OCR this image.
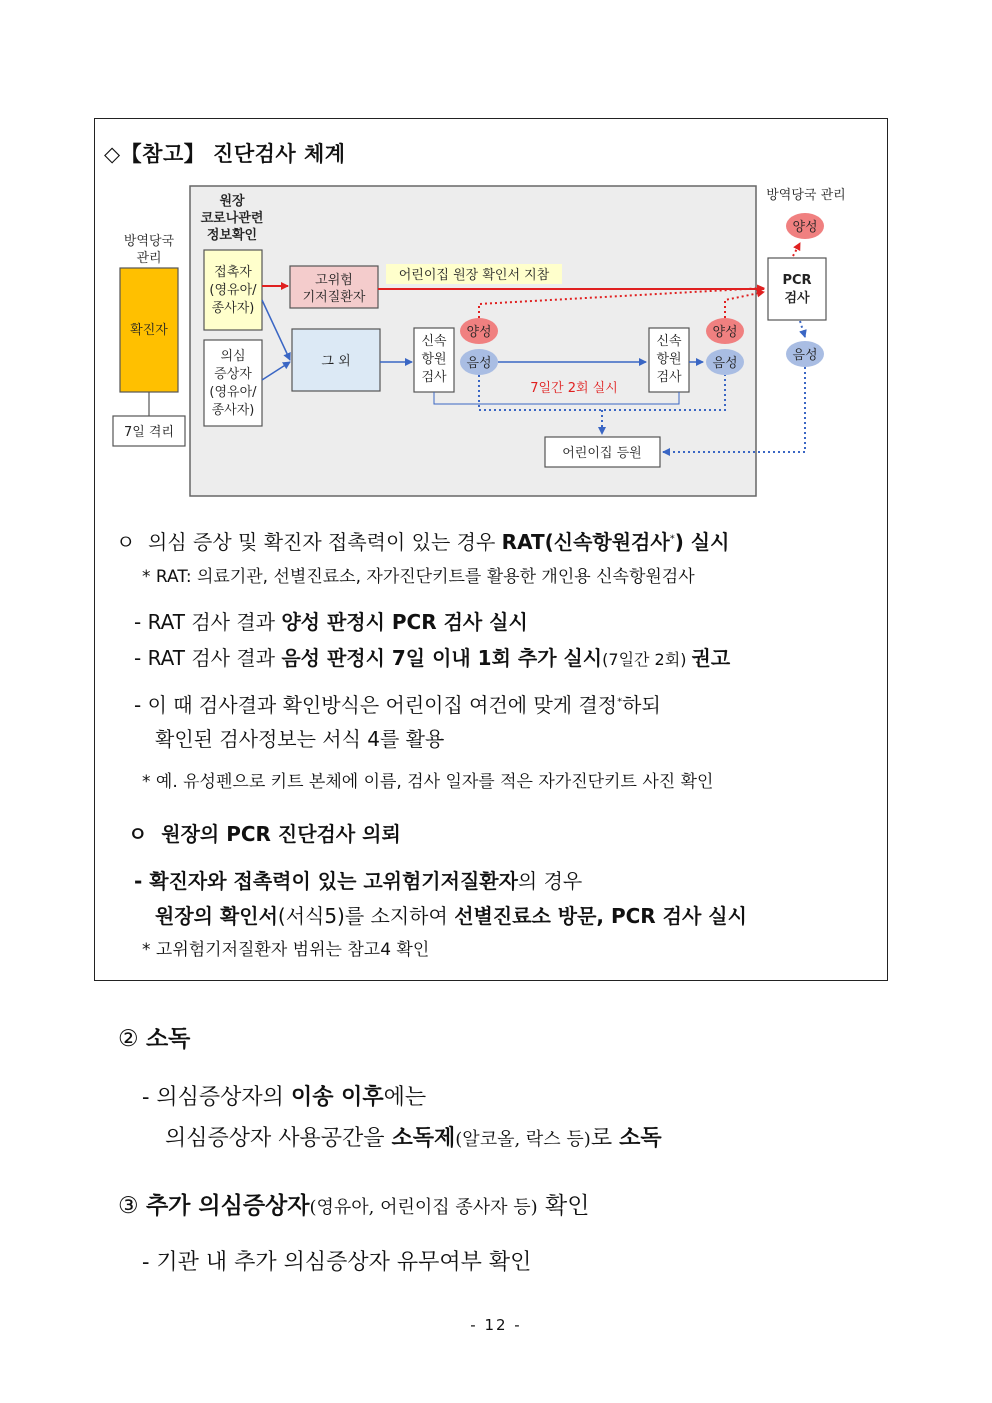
◇【참고】 진단검사 체계
방역당국
관리
확진자
7일 격리
원장
코로나관련
정보확인
접촉자
(영유아/
종사자)
의심
증상자
(영유아/
종사자)
고위험
기저질환자
그 외
어린이집 원장 확인서 지참
신속
항원
검사
양성
음성
7일간 2회 실시
신속
항원
검사
양성
음성
어린이집 등원
방역당국 관리
양성
PCR
검사
음성
ㅇ 의심 증상 및 확진자 접촉력이 있는 경우 RAT(신속항원검사*) 실시
* RAT: 의료기관, 선별진료소, 자가진단키트를 활용한 개인용 신속항원검사
- RAT 검사 결과 양성 판정시 PCR 검사 실시
- RAT 검사 결과 음성 판정시 7일 이내 1회 추가 실시(7일간 2회) 권고
- 이 때 검사결과 확인방식은 어린이집 여건에 맞게 결정*하되
확인된 검사정보는 서식 4를 활용
* 예. 유성펜으로 키트 본체에 이름, 검사 일자를 적은 자가진단키트 사진 확인
ㅇ 원장의 PCR 진단검사 의뢰
- 확진자와 접촉력이 있는 고위험기저질환자의 경우
원장의 확인서(서식5)를 소지하여 선별진료소 방문, PCR 검사 실시
* 고위험기저질환자 범위는 참고4 확인
② 소독
- 의심증상자의 이송 이후에는
의심증상자 사용공간을 소독제(알코올, 락스 등)로 소독
③ 추가 의심증상자(영유아, 어린이집 종사자 등) 확인
- 기관 내 추가 의심증상자 유무여부 확인
- 12 -
